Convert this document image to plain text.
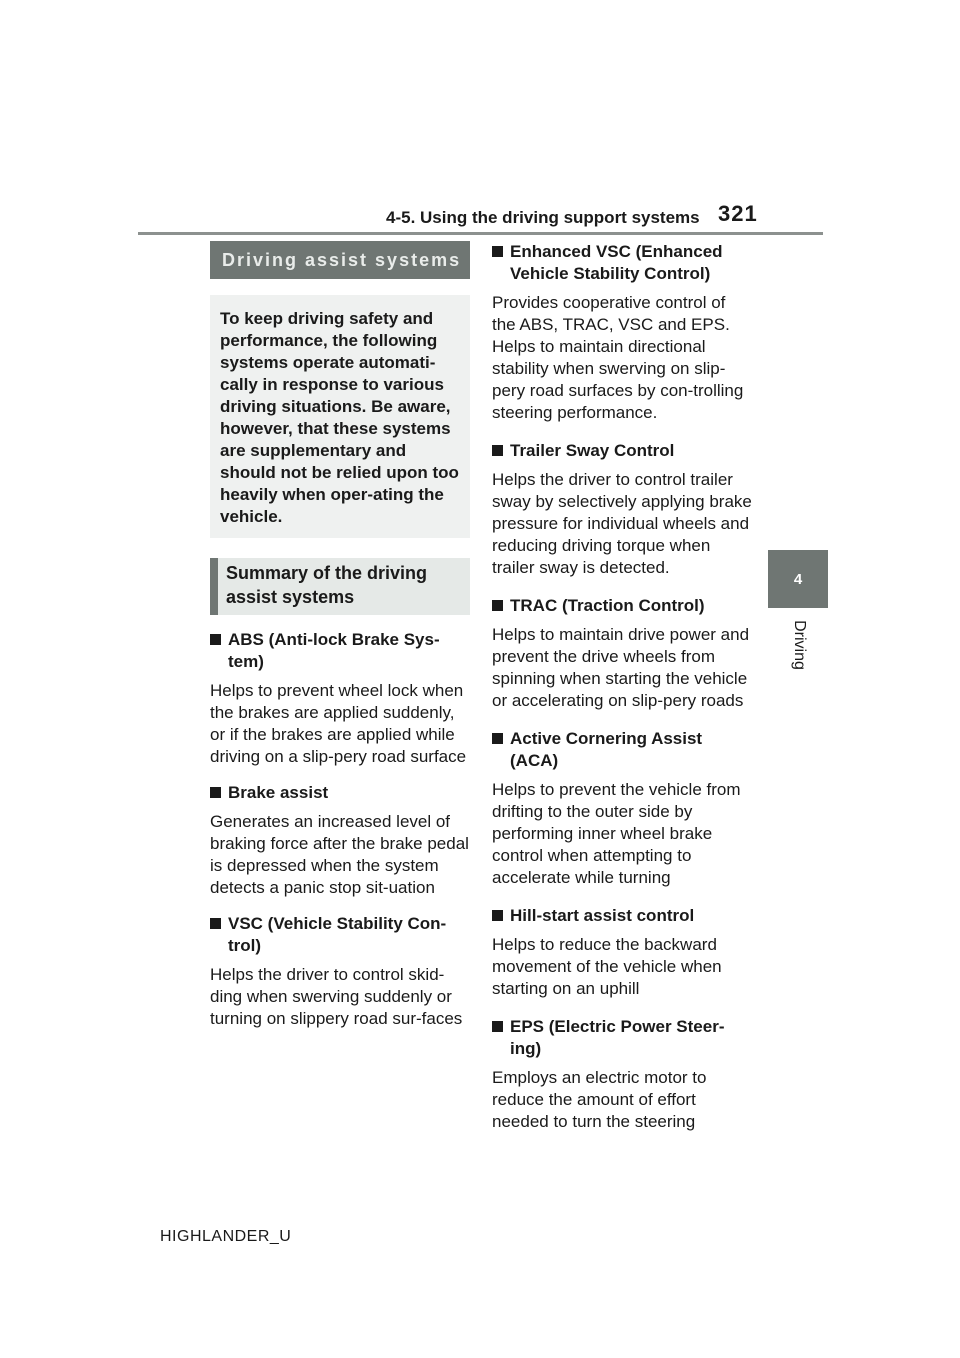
4-5. Using the driving support systems 321
4
Driving
Driving assist systems
To keep driving safety and performance, the following systems operate automati-cally in response to various driving situations. Be aware, however, that these systems are supplementary and should not be relied upon too heavily when oper-ating the vehicle.
Summary of the driving assist systems
ABS (Anti-lock Brake Sys-tem)
Helps to prevent wheel lock when the brakes are applied suddenly, or if the brakes are applied while driving on a slip-pery road surface
Brake assist
Generates an increased level of braking force after the brake pedal is depressed when the system detects a panic stop sit-uation
VSC (Vehicle Stability Con-trol)
Helps the driver to control skid-ding when swerving suddenly or turning on slippery road sur-faces
Enhanced VSC (Enhanced Vehicle Stability Control)
Provides cooperative control of the ABS, TRAC, VSC and EPS. Helps to maintain directional stability when swerving on slip-pery road surfaces by con-trolling steering performance.
Trailer Sway Control
Helps the driver to control trailer sway by selectively applying brake pressure for individual wheels and reducing driving torque when trailer sway is detected.
TRAC (Traction Control)
Helps to maintain drive power and prevent the drive wheels from spinning when starting the vehicle or accelerating on slip-pery roads
Active Cornering Assist (ACA)
Helps to prevent the vehicle from drifting to the outer side by performing inner wheel brake control when attempting to accelerate while turning
Hill-start assist control
Helps to reduce the backward movement of the vehicle when starting on an uphill
EPS (Electric Power Steer-ing)
Employs an electric motor to reduce the amount of effort needed to turn the steering
HIGHLANDER_U
